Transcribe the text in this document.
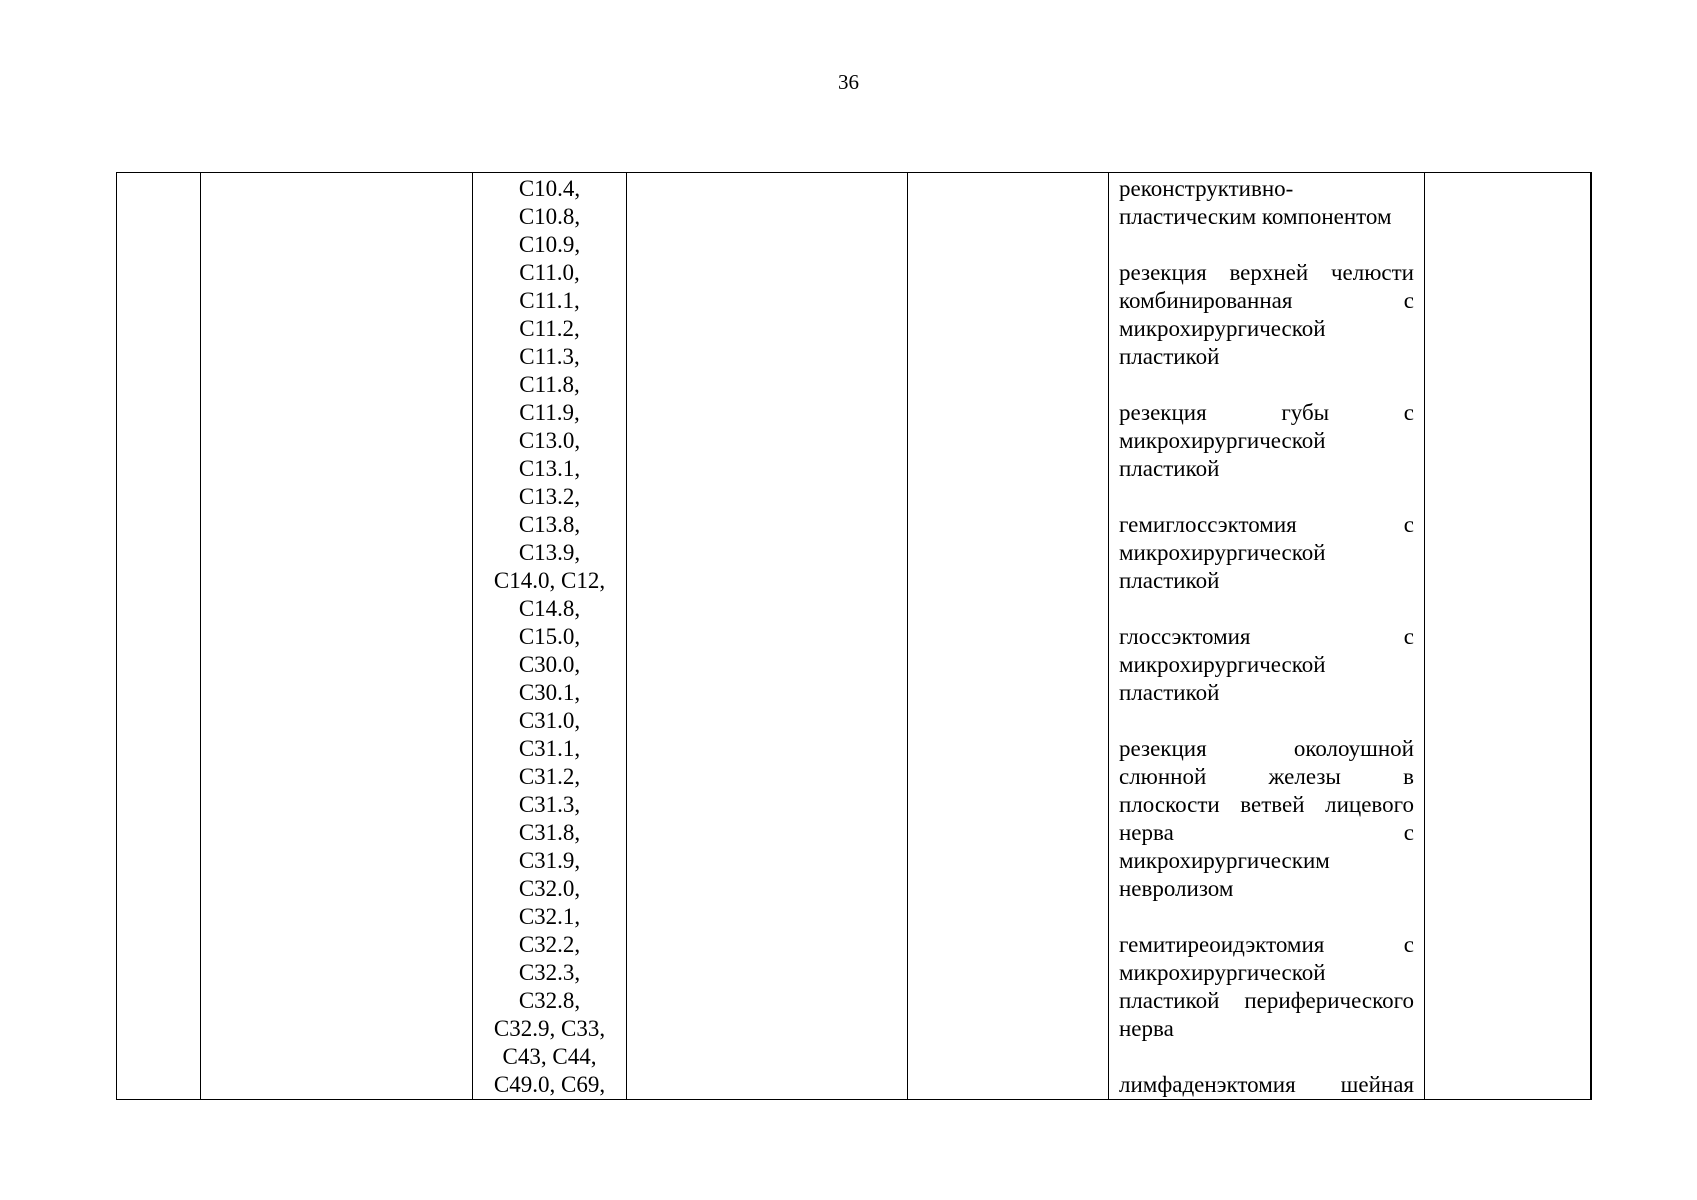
36

C10.4,
C10.8,
C10.9,
C11.0,
C11.1,
C11.2,
C11.3,
C11.8,
C11.9,
C13.0,
C13.1,
C13.2,
C13.8,
C13.9,
C14.0, C12,
C14.8,
C15.0,
C30.0,
C30.1,
C31.0,
C31.1,
C31.2,
C31.3,
C31.8,
C31.9,
C32.0,
C32.1,
C32.2,
C32.3,
C32.8,
C32.9, C33,
C43, C44,
C49.0, C69,

реконструктивно-
пластическим компонентом
резекция верхней челюсти
комбинированная с
микрохирургической
пластикой
резекция губы с
микрохирургической
пластикой
гемиглоссэктомия с
микрохирургической
пластикой
глоссэктомия с
микрохирургической
пластикой
резекция околоушной
слюнной железы в
плоскости ветвей лицевого
нерва с
микрохирургическим
невролизом
гемитиреоидэктомия с
микрохирургической
пластикой периферического
нерва
лимфаденэктомия шейная
